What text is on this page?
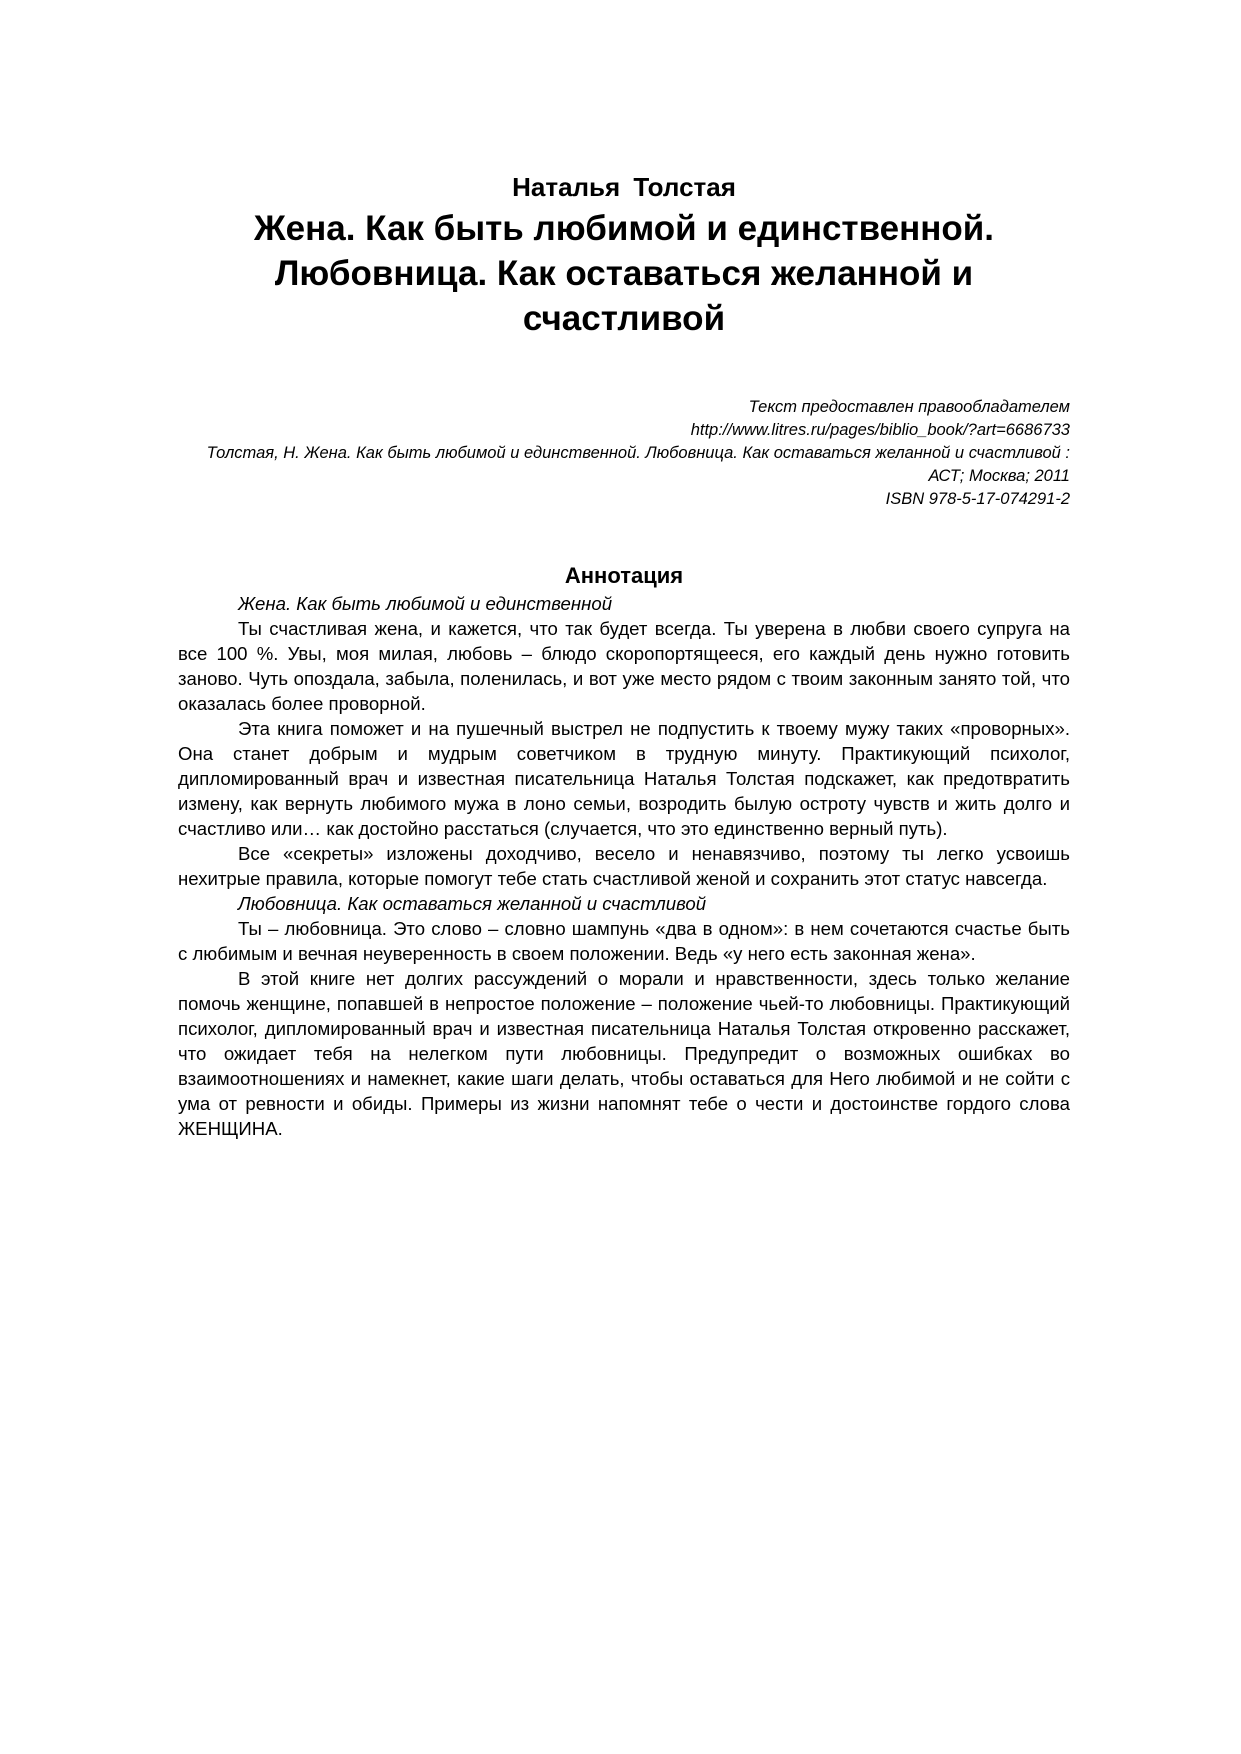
Наталья Толстая
Жена. Как быть любимой и единственной. Любовница. Как оставаться желанной и счастливой
Текст предоставлен правообладателем
http://www.litres.ru/pages/biblio_book/?art=6686733
Толстая, Н. Жена. Как быть любимой и единственной. Любовница. Как оставаться желанной и счастливой : АСТ; Москва; 2011
ISBN 978-5-17-074291-2
Аннотация

Жена. Как быть любимой и единственной

Ты счастливая жена, и кажется, что так будет всегда. Ты уверена в любви своего супруга на все 100 %. Увы, моя милая, любовь – блюдо скоропортящееся, его каждый день нужно готовить заново. Чуть опоздала, забыла, поленилась, и вот уже место рядом с твоим законным занято той, что оказалась более проворной.

Эта книга поможет и на пушечный выстрел не подпустить к твоему мужу таких «проворных». Она станет добрым и мудрым советчиком в трудную минуту. Практикующий психолог, дипломированный врач и известная писательница Наталья Толстая подскажет, как предотвратить измену, как вернуть любимого мужа в лоно семьи, возродить былую остроту чувств и жить долго и счастливо или… как достойно расстаться (случается, что это единственно верный путь).

Все «секреты» изложены доходчиво, весело и ненавязчиво, поэтому ты легко усвоишь нехитрые правила, которые помогут тебе стать счастливой женой и сохранить этот статус навсегда.

Любовница. Как оставаться желанной и счастливой

Ты – любовница. Это слово – словно шампунь «два в одном»: в нем сочетаются счастье быть с любимым и вечная неуверенность в своем положении. Ведь «у него есть законная жена».

В этой книге нет долгих рассуждений о морали и нравственности, здесь только желание помочь женщине, попавшей в непростое положение – положение чьей-то любовницы. Практикующий психолог, дипломированный врач и известная писательница Наталья Толстая откровенно расскажет, что ожидает тебя на нелегком пути любовницы. Предупредит о возможных ошибках во взаимоотношениях и намекнет, какие шаги делать, чтобы оставаться для Него любимой и не сойти с ума от ревности и обиды. Примеры из жизни напомнят тебе о чести и достоинстве гордого слова ЖЕНЩИНА.
